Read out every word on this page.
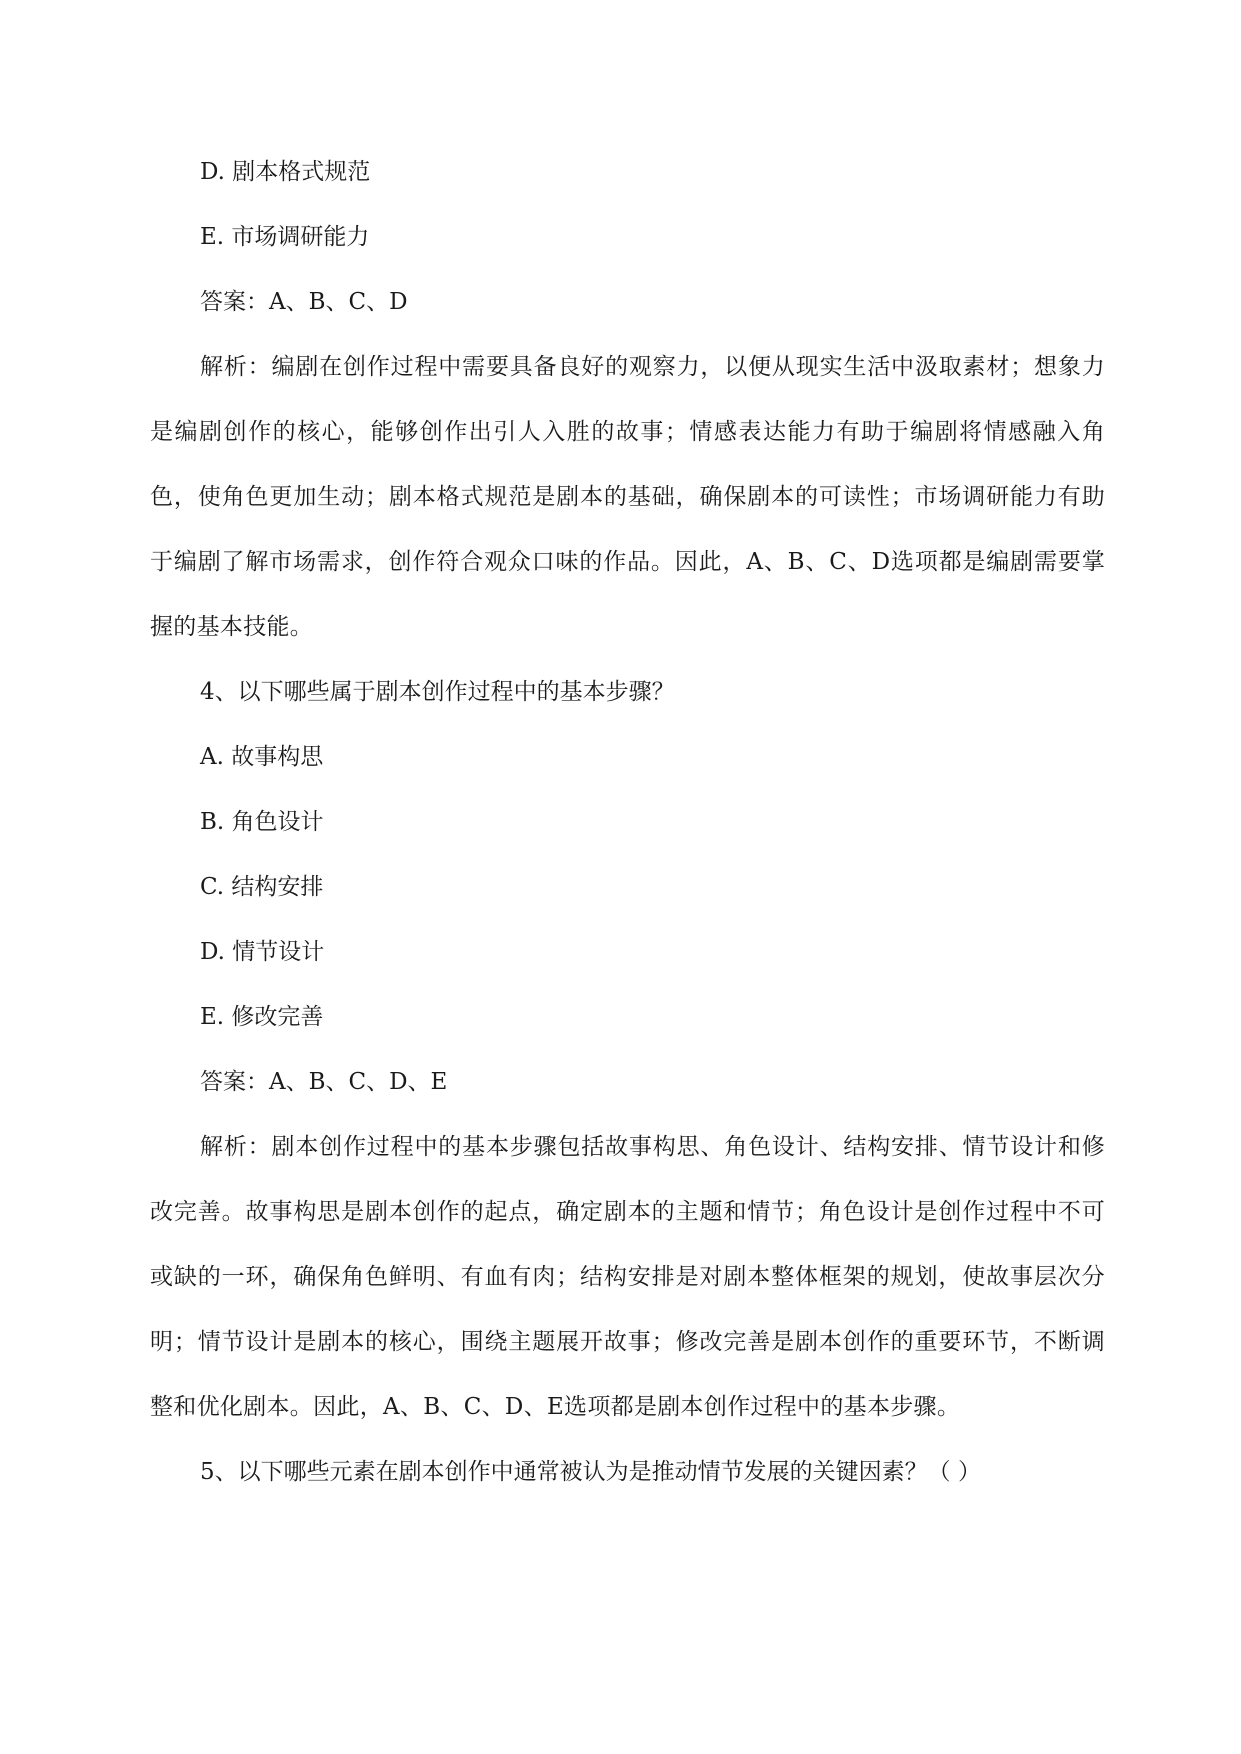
D. 剧本格式规范
E. 市场调研能力
答案：A、B、C、D
解析：编剧在创作过程中需要具备良好的观察力，以便从现实生活中汲取素材；想象力是编剧创作的核心，能够创作出引人入胜的故事；情感表达能力有助于编剧将情感融入角色，使角色更加生动；剧本格式规范是剧本的基础，确保剧本的可读性；市场调研能力有助于编剧了解市场需求，创作符合观众口味的作品。因此，A、B、C、D选项都是编剧需要掌握的基本技能。
4、以下哪些属于剧本创作过程中的基本步骤？
A. 故事构思
B. 角色设计
C. 结构安排
D. 情节设计
E. 修改完善
答案：A、B、C、D、E
解析：剧本创作过程中的基本步骤包括故事构思、角色设计、结构安排、情节设计和修改完善。故事构思是剧本创作的起点，确定剧本的主题和情节；角色设计是创作过程中不可或缺的一环，确保角色鲜明、有血有肉；结构安排是对剧本整体框架的规划，使故事层次分明；情节设计是剧本的核心，围绕主题展开故事；修改完善是剧本创作的重要环节，不断调整和优化剧本。因此，A、B、C、D、E选项都是剧本创作过程中的基本步骤。
5、以下哪些元素在剧本创作中通常被认为是推动情节发展的关键因素？（ ）
